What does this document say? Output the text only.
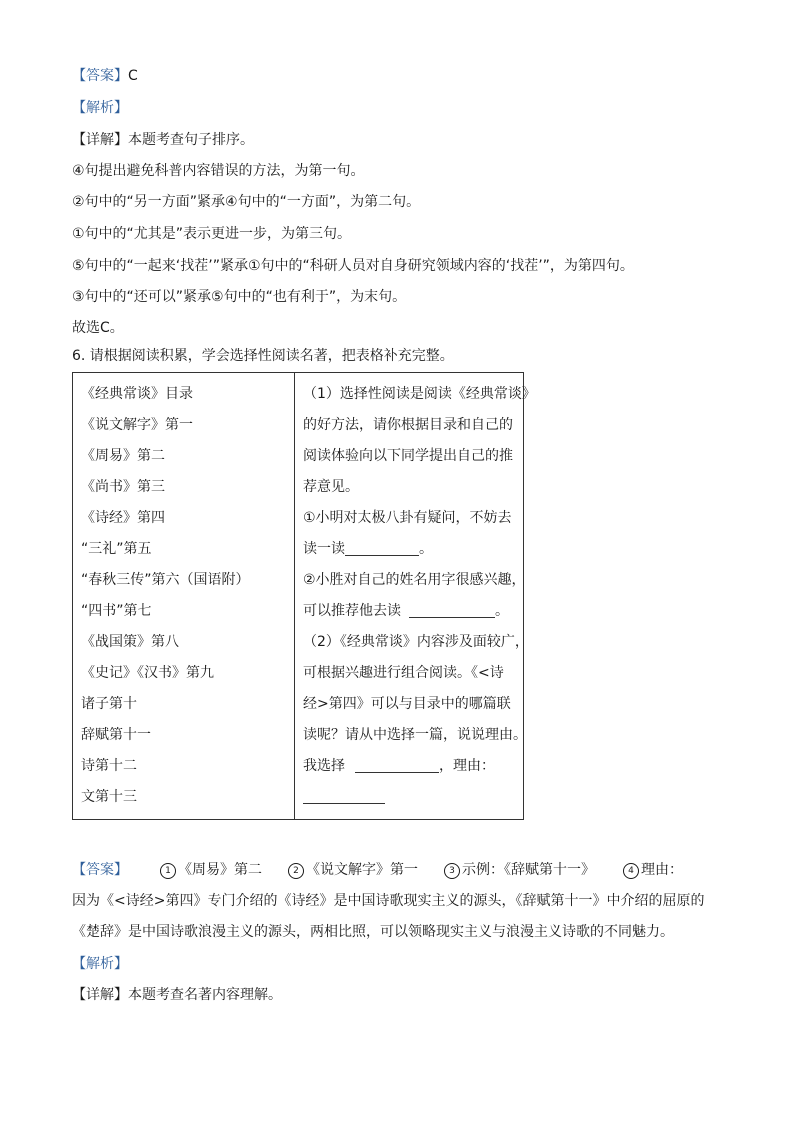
【答案】C
【解析】
【详解】本题考查句子排序。
④句提出避免科普内容错误的方法，为第一句。
②句中的“另一方面”紧承④句中的“一方面”，为第二句。
①句中的“尤其是”表示更进一步，为第三句。
⑤句中的“一起来‘找茬’”紧承①句中的“科研人员对自身研究领域内容的‘找茬’”，为第四句。
③句中的“还可以”紧承⑤句中的“也有利于”，为末句。
故选C。
6. 请根据阅读积累，学会选择性阅读名著，把表格补充完整。
《经典常谈》目录
《说文解字》第一
《周易》第二
《尚书》第三
《诗经》第四
“三礼”第五
“春秋三传”第六（国语附）
“四书”第七
《战国策》第八
《史记》《汉书》第九
诸子第十
辞赋第十一
诗第十二
文第十三

（1）选择性阅读是阅读《经典常谈》
的好方法，请你根据目录和自己的
阅读体验向以下同学提出自己的推
荐意见。
①小明对太极八卦有疑问，不妨去
读一读	。
②小胜对自己的姓名用字很感兴趣，
可以推荐他去读	。
（2）《经典常谈》内容涉及面较广，
可根据兴趣进行组合阅读。《<诗
经>第四》可以与目录中的哪篇联
读呢？请从中选择一篇，说说理由。
我选择	，理由：
【答案】	1 《周易》第二	2 《说文解字》第一	3 示例：《辞赋第十一》	4 理由：
因为《<诗经>第四》专门介绍的《诗经》是中国诗歌现实主义的源头，《辞赋第十一》中介绍的屈原的
《楚辞》是中国诗歌浪漫主义的源头，两相比照，可以领略现实主义与浪漫主义诗歌的不同魅力。
【解析】
【详解】本题考查名著内容理解。
